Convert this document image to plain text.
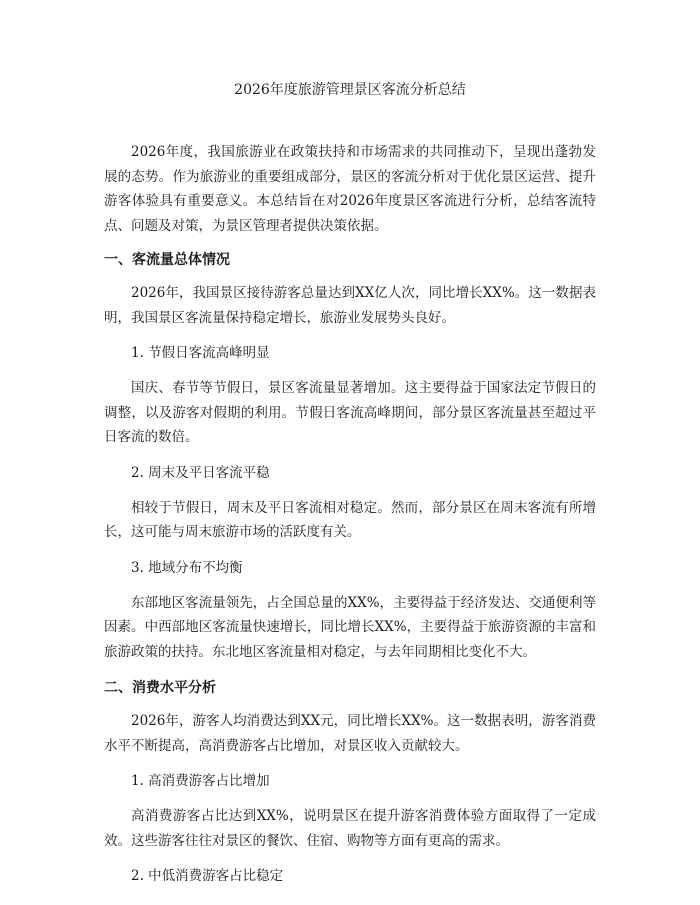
2026年度旅游管理景区客流分析总结

2026年度，我国旅游业在政策扶持和市场需求的共同推动下，呈现出蓬勃发展的态势。作为旅游业的重要组成部分，景区的客流分析对于优化景区运营、提升游客体验具有重要意义。本总结旨在对2026年度景区客流进行分析，总结客流特点、问题及对策，为景区管理者提供决策依据。

一、客流量总体情况

2026年，我国景区接待游客总量达到XX亿人次，同比增长XX%。这一数据表明，我国景区客流量保持稳定增长，旅游业发展势头良好。

1. 节假日客流高峰明显

国庆、春节等节假日，景区客流量显著增加。这主要得益于国家法定节假日的调整，以及游客对假期的利用。节假日客流高峰期间，部分景区客流量甚至超过平日客流的数倍。

2. 周末及平日客流平稳

相较于节假日，周末及平日客流相对稳定。然而，部分景区在周末客流有所增长，这可能与周末旅游市场的活跃度有关。

3. 地域分布不均衡

东部地区客流量领先，占全国总量的XX%，主要得益于经济发达、交通便利等因素。中西部地区客流量快速增长，同比增长XX%，主要得益于旅游资源的丰富和旅游政策的扶持。东北地区客流量相对稳定，与去年同期相比变化不大。

二、消费水平分析

2026年，游客人均消费达到XX元，同比增长XX%。这一数据表明，游客消费水平不断提高，高消费游客占比增加，对景区收入贡献较大。

1. 高消费游客占比增加

高消费游客占比达到XX%，说明景区在提升游客消费体验方面取得了一定成效。这些游客往往对景区的餐饮、住宿、购物等方面有更高的需求。

2. 中低消费游客占比稳定
